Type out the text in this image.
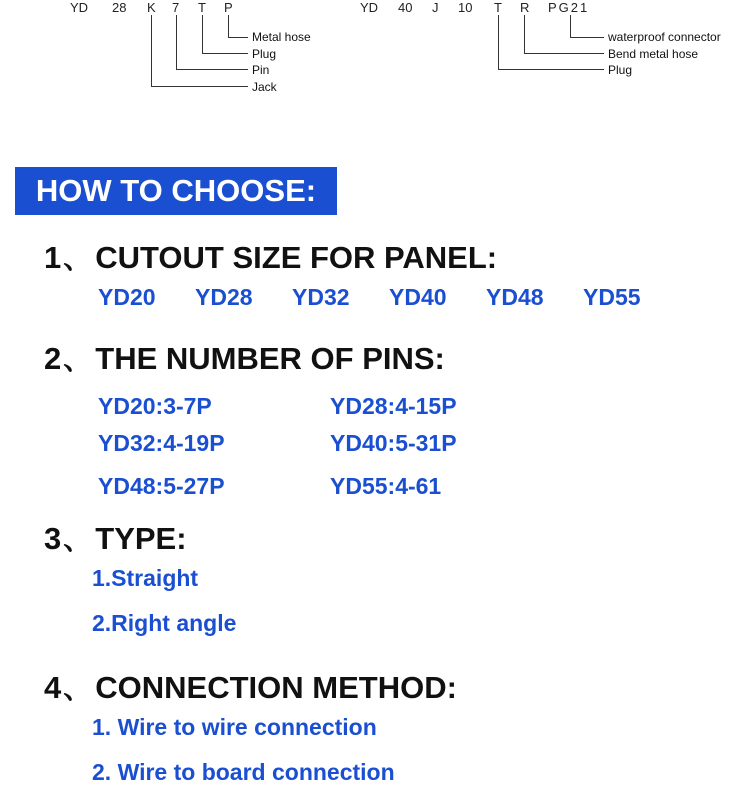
YD 28 K 7 T P
Metal hose
Plug
Pin
Jack
YD 40 J 10 T R PG21
waterproof connector
Bend metal hose
Plug
HOW TO CHOOSE:
1、 CUTOUT SIZE FOR PANEL:
YD20 YD28 YD32 YD40 YD48 YD55
2、 THE NUMBER OF PINS:
YD20:3-7P	YD28:4-15P
YD32:4-19P	YD40:5-31P
YD48:5-27P	YD55:4-61
3、 TYPE:
1.Straight
2.Right angle
4、 CONNECTION METHOD:
1. Wire to wire connection
2. Wire to board connection
